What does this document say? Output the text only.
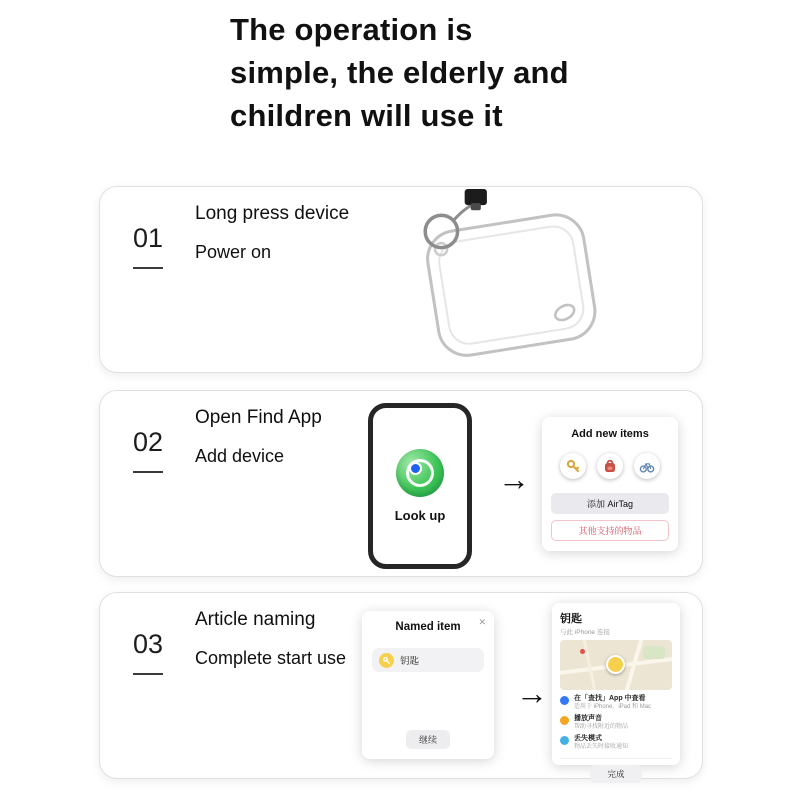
The operation is
simple, the elderly and
children will use it
01
Long press device
Power on
02
Open Find App
Add device
Look up
→
Add new items
添加 AirTag
其他支持的物品
03
Article naming
Complete start use
✕
Named item
钥匙
继续
→
钥匙
与此 iPhone 连接
在「查找」App 中查看
适用于 iPhone、iPad 和 Mac
播放声音
帮助寻找附近的物品
丢失模式
物品丢失时接收通知
完成
